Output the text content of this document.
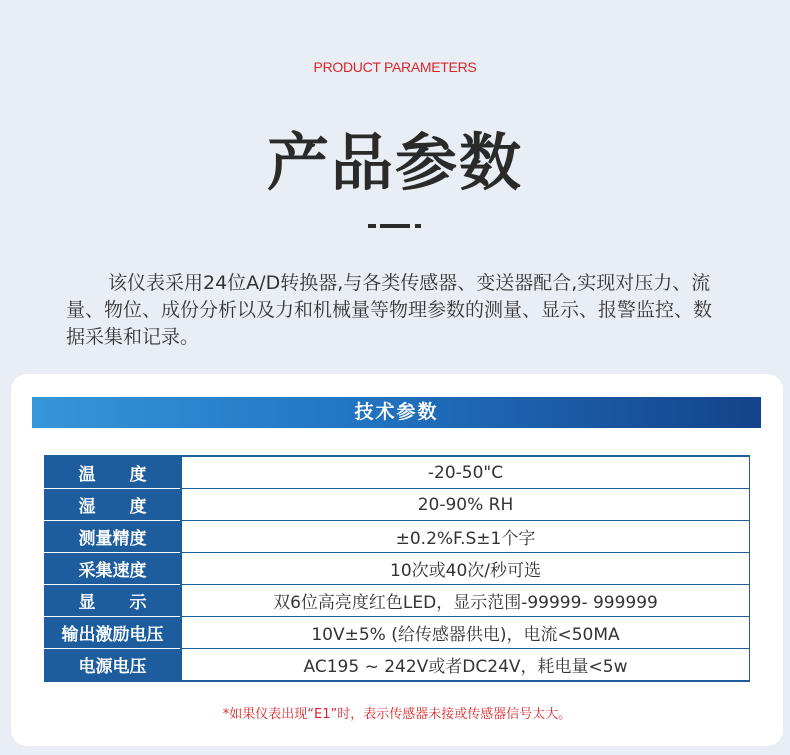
PRODUCT PARAMETERS
产品参数

该仪表采用24位A/D转换器,与各类传感器、变送器配合,实现对压力、流量、物位、成份分析以及力和机械量等物理参数的测量、显示、报警监控、数据采集和记录。

技术参数
温　　度	-20-50"C
湿　　度	20-90% RH
测量精度	±0.2%F.S±1个字
采集速度	10次或40次/秒可选
显　　示	双6位高亮度红色LED，显示范围-99999- 999999
输出激励电压	10V±5% (给传感器供电)，电流<50MA
电源电压	AC195 ~ 242V或者DC24V，耗电量<5w
*如果仪表出现“E1”时，表示传感器未接或传感器信号太大。
